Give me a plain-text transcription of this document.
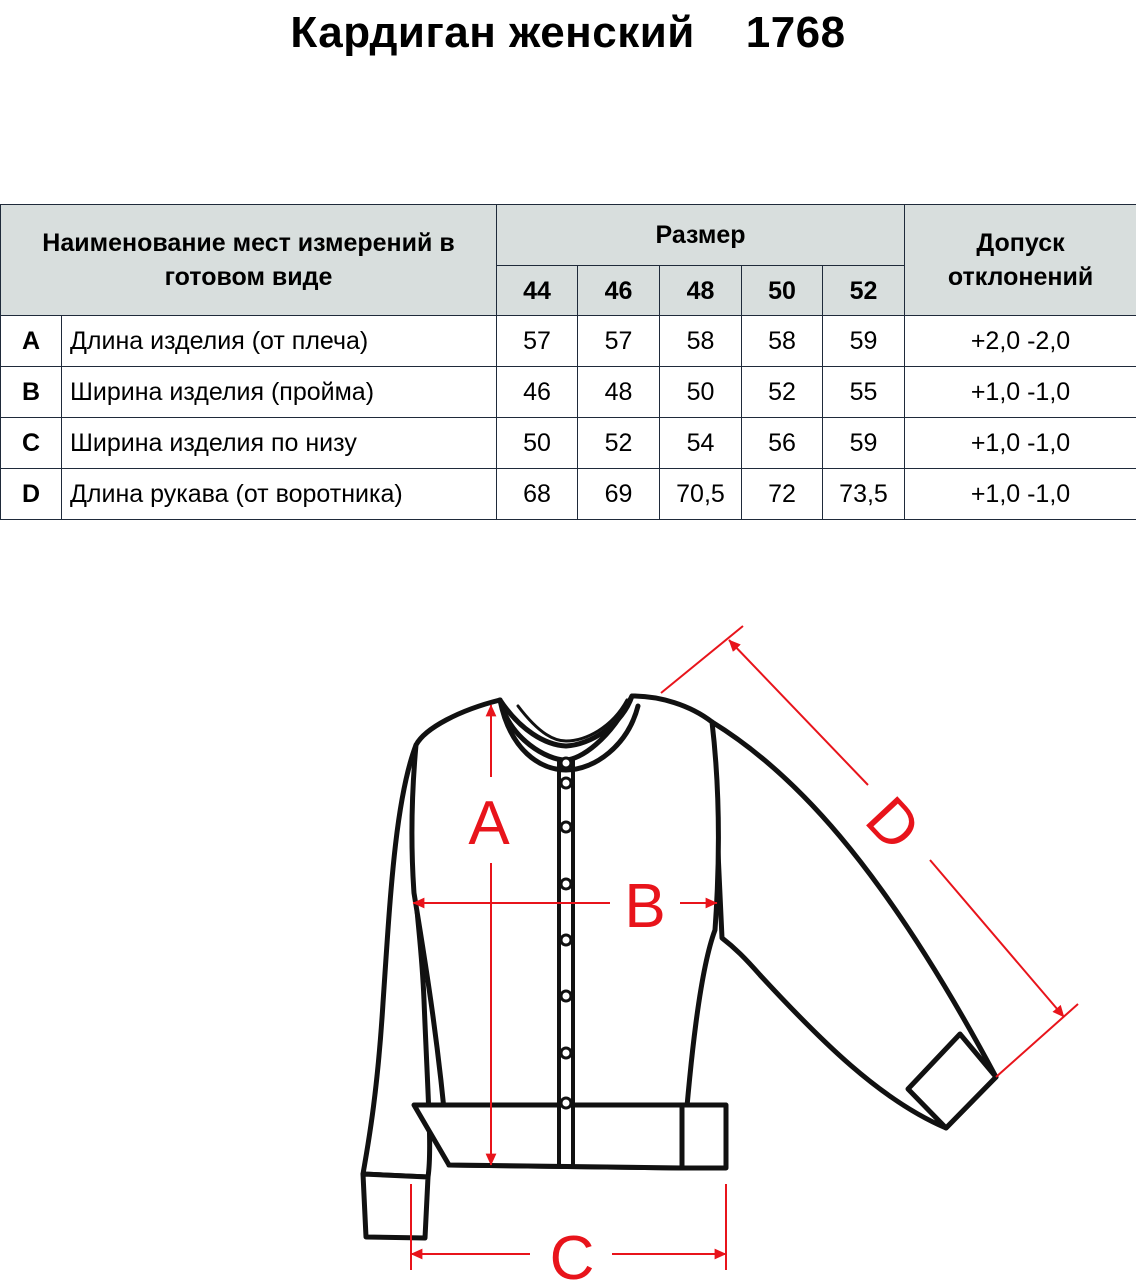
Кардиган женский    1768
Наименование мест измерений в готовом виде		Размер					Допуск отклонений
		44	46	48	50	52	
A	Длина изделия (от плеча)	57	57	58	58	59	+2,0 -2,0
B	Ширина изделия (пройма)	46	48	50	52	55	+1,0 -1,0
C	Ширина изделия по низу	50	52	54	56	59	+1,0 -1,0
D	Длина рукава (от воротника)	68	69	70,5	72	73,5	+1,0 -1,0
A
B
C
D
